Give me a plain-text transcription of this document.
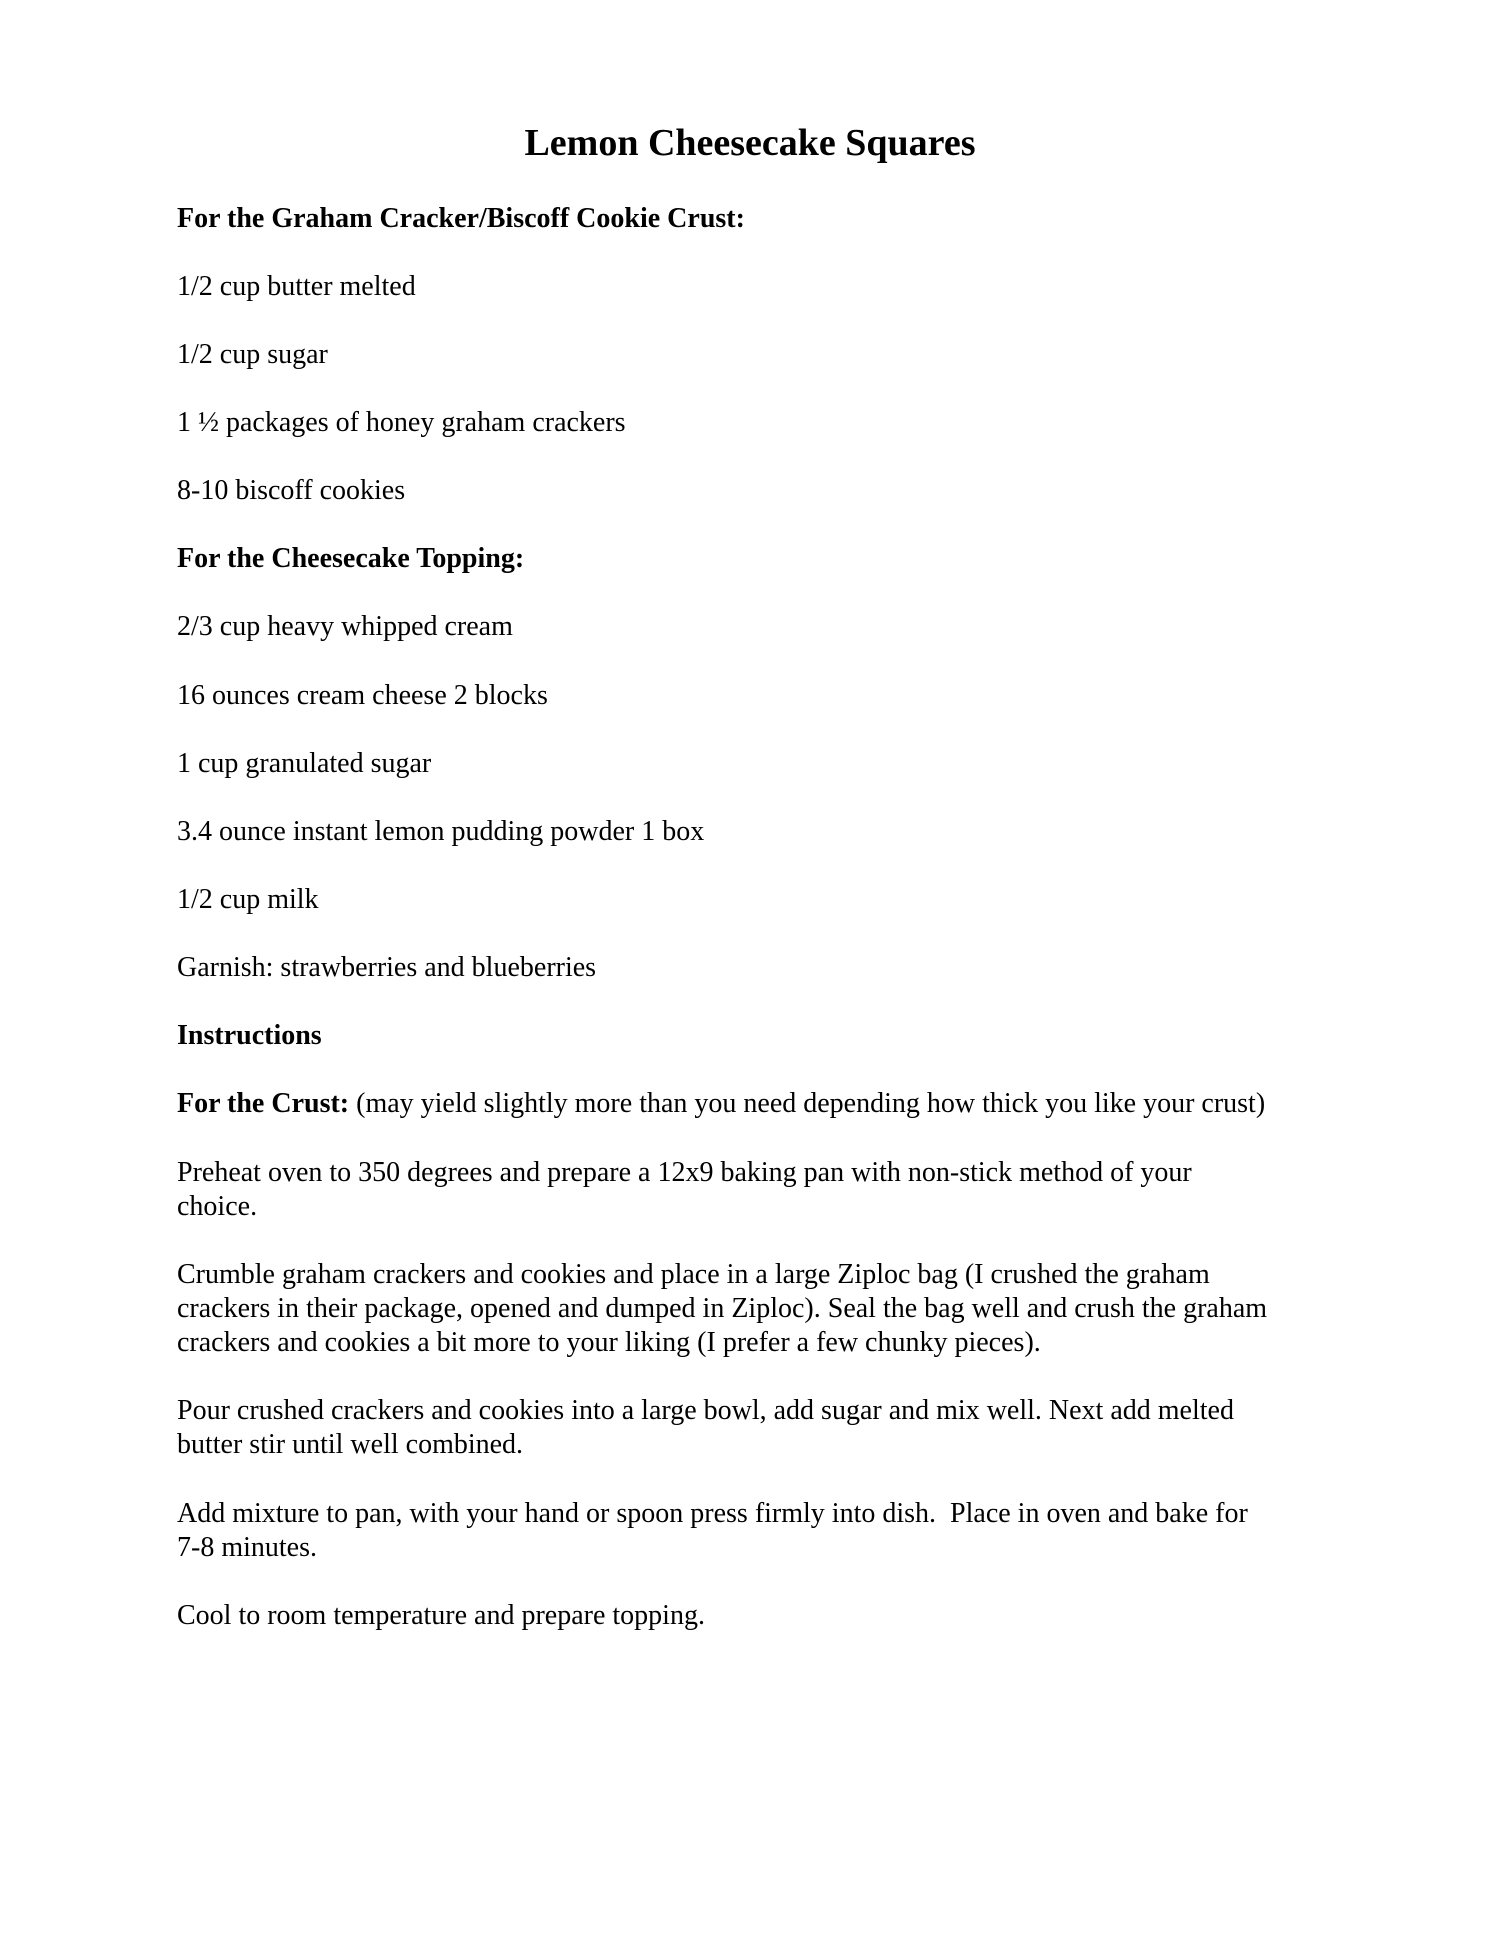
Lemon Cheesecake Squares

For the Graham Cracker/Biscoff Cookie Crust:

1/2 cup butter melted

1/2 cup sugar

1 ½ packages of honey graham crackers

8-10 biscoff cookies

For the Cheesecake Topping:

2/3 cup heavy whipped cream

16 ounces cream cheese 2 blocks

1 cup granulated sugar

3.4 ounce instant lemon pudding powder 1 box

1/2 cup milk

Garnish: strawberries and blueberries

Instructions

For the Crust: (may yield slightly more than you need depending how thick you like your crust)

Preheat oven to 350 degrees and prepare a 12x9 baking pan with non-stick method of your
choice.
Crumble graham crackers and cookies and place in a large Ziploc bag (I crushed the graham
crackers in their package, opened and dumped in Ziploc). Seal the bag well and crush the graham
crackers and cookies a bit more to your liking (I prefer a few chunky pieces).
Pour crushed crackers and cookies into a large bowl, add sugar and mix well. Next add melted
butter stir until well combined.
Add mixture to pan, with your hand or spoon press firmly into dish.  Place in oven and bake for
7-8 minutes.
Cool to room temperature and prepare topping.
